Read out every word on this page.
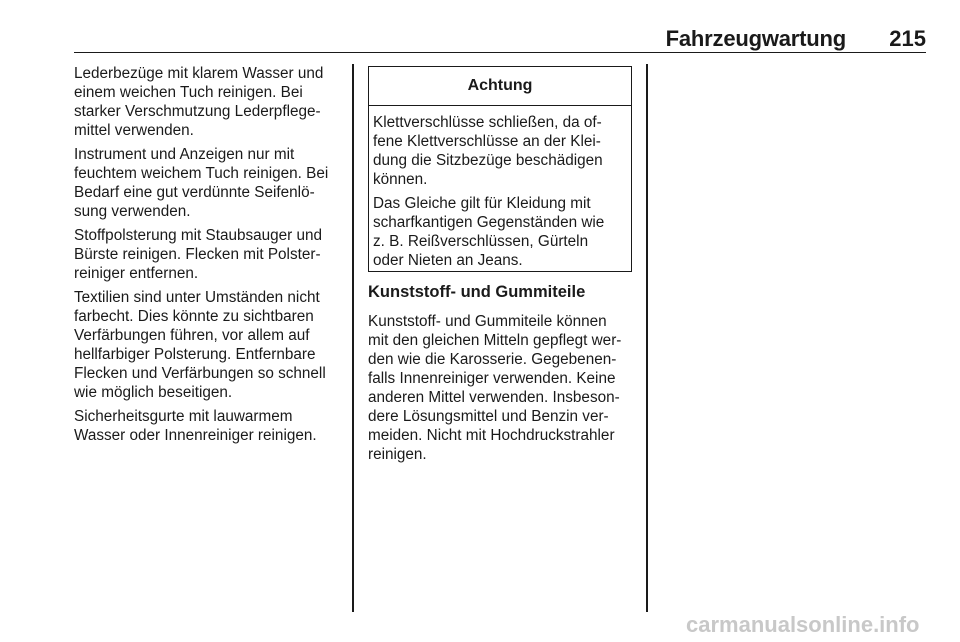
Fahrzeugwartung 215

Lederbezüge mit klarem Wasser und
einem weichen Tuch reinigen. Bei
starker Verschmutzung Lederpflege-
mittel verwenden.

Instrument und Anzeigen nur mit
feuchtem weichem Tuch reinigen. Bei
Bedarf eine gut verdünnte Seifenlö-
sung verwenden.

Stoffpolsterung mit Staubsauger und
Bürste reinigen. Flecken mit Polster-
reiniger entfernen.

Textilien sind unter Umständen nicht
farbecht. Dies könnte zu sichtbaren
Verfärbungen führen, vor allem auf
hellfarbiger Polsterung. Entfernbare
Flecken und Verfärbungen so schnell
wie möglich beseitigen.

Sicherheitsgurte mit lauwarmem
Wasser oder Innenreiniger reinigen.

Achtung

Klettverschlüsse schließen, da of-
fene Klettverschlüsse an der Klei-
dung die Sitzbezüge beschädigen
können.

Das Gleiche gilt für Kleidung mit
scharfkantigen Gegenständen wie
z. B. Reißverschlüssen, Gürteln
oder Nieten an Jeans.

Kunststoff- und Gummiteile

Kunststoff- und Gummiteile können
mit den gleichen Mitteln gepflegt wer-
den wie die Karosserie. Gegebenen-
falls Innenreiniger verwenden. Keine
anderen Mittel verwenden. Insbeson-
dere Lösungsmittel und Benzin ver-
meiden. Nicht mit Hochdruckstrahler
reinigen.

carmanualsonline.info
